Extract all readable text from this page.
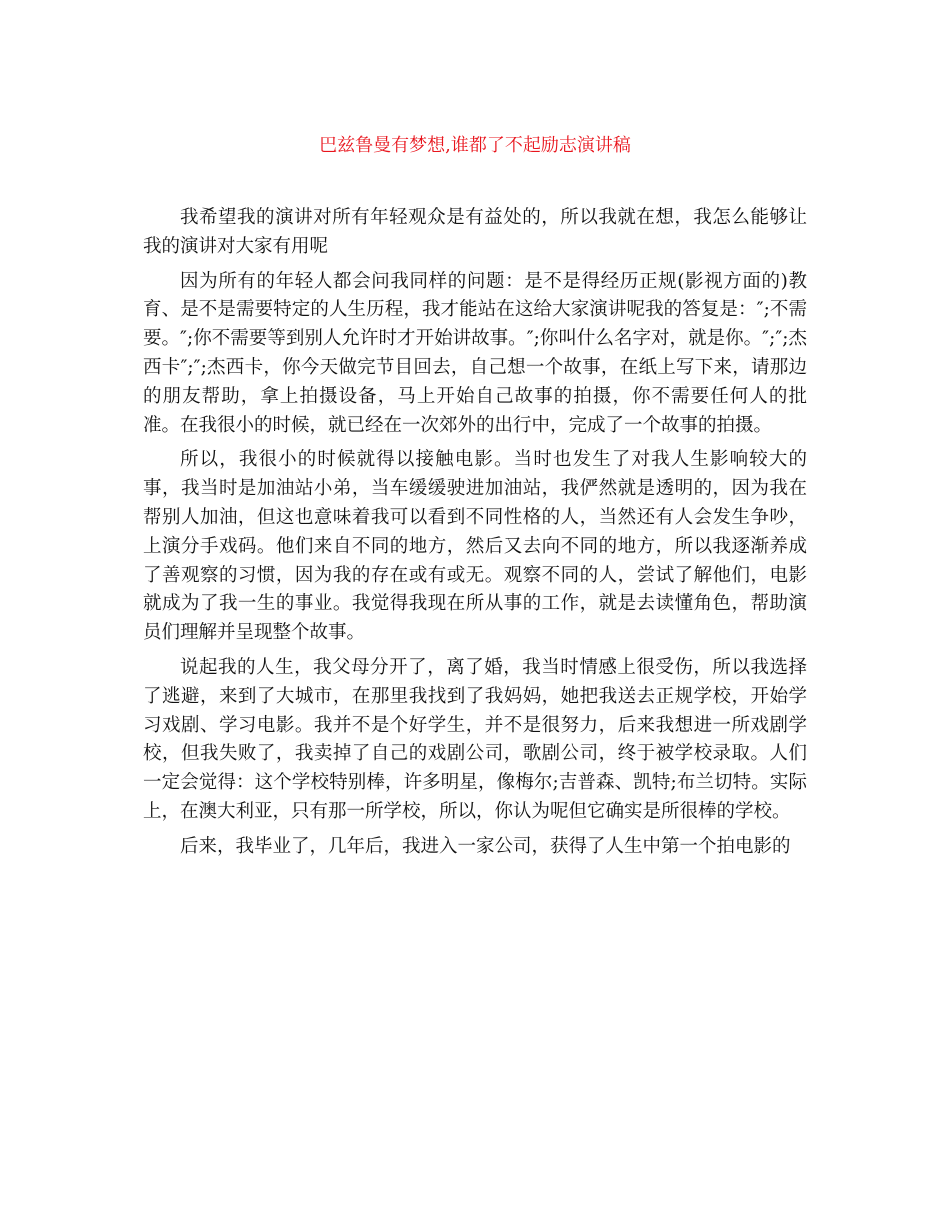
巴兹鲁曼有梦想,谁都了不起励志演讲稿

我希望我的演讲对所有年轻观众是有益处的，所以我就在想，我怎么能够让我的演讲对大家有用呢

因为所有的年轻人都会问我同样的问题：是不是得经历正规(影视方面的)教育、是不是需要特定的人生历程，我才能站在这给大家演讲呢我的答复是：″;不需要。″;你不需要等到别人允许时才开始讲故事。″;你叫什么名字对，就是你。″;″;杰西卡″;″;杰西卡，你今天做完节目回去，自己想一个故事，在纸上写下来，请那边的朋友帮助，拿上拍摄设备，马上开始自己故事的拍摄，你不需要任何人的批准。在我很小的时候，就已经在一次郊外的出行中，完成了一个故事的拍摄。

所以，我很小的时候就得以接触电影。当时也发生了对我人生影响较大的事，我当时是加油站小弟，当车缓缓驶进加油站，我俨然就是透明的，因为我在帮别人加油，但这也意味着我可以看到不同性格的人，当然还有人会发生争吵，上演分手戏码。他们来自不同的地方，然后又去向不同的地方，所以我逐渐养成了善观察的习惯，因为我的存在或有或无。观察不同的人，尝试了解他们，电影就成为了我一生的事业。我觉得我现在所从事的工作，就是去读懂角色，帮助演员们理解并呈现整个故事。

说起我的人生，我父母分开了，离了婚，我当时情感上很受伤，所以我选择了逃避，来到了大城市，在那里我找到了我妈妈，她把我送去正规学校，开始学习戏剧、学习电影。我并不是个好学生，并不是很努力，后来我想进一所戏剧学校，但我失败了，我卖掉了自己的戏剧公司，歌剧公司，终于被学校录取。人们一定会觉得：这个学校特别棒，许多明星，像梅尔;吉普森、凯特;布兰切特。实际上，在澳大利亚，只有那一所学校，所以，你认为呢但它确实是所很棒的学校。

后来，我毕业了，几年后，我进入一家公司，获得了人生中第一个拍电影的
